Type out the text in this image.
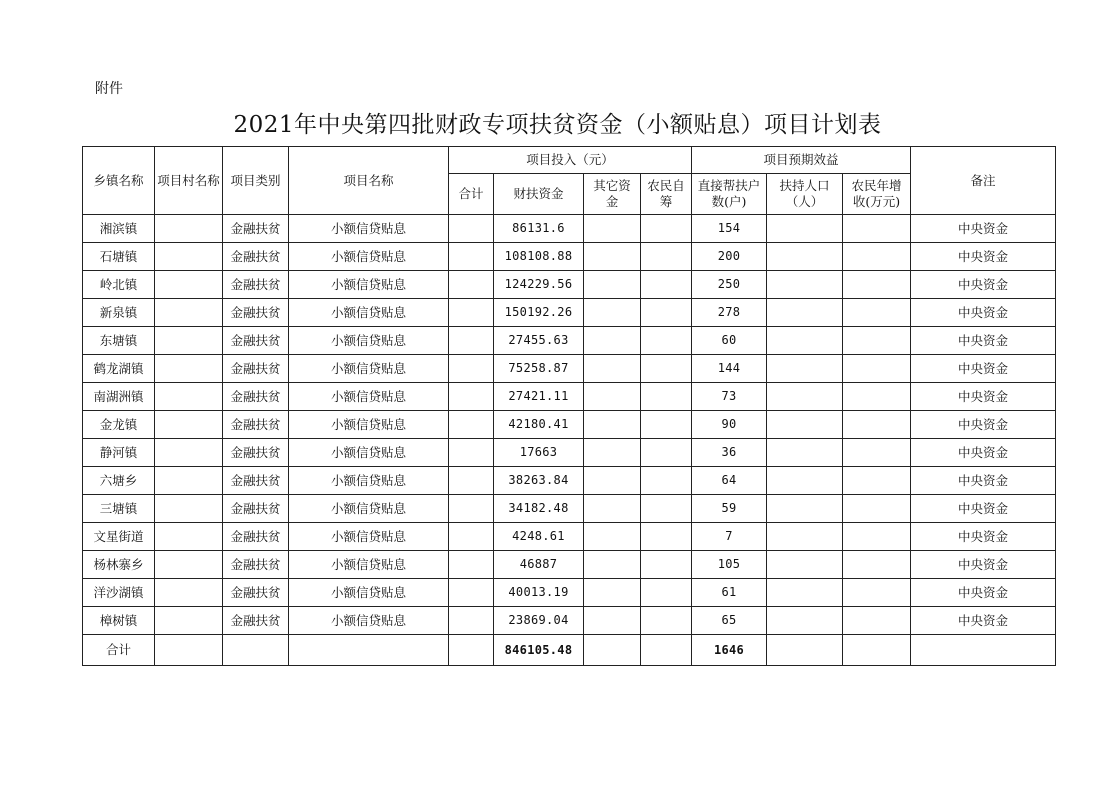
附件
2021年中央第四批财政专项扶贫资金（小额贴息）项目计划表
乡镇名称	项目村名称	项目类别	项目名称	项目投入（元）				项目预期效益			备注
				合计	财扶资金	其它资金	农民自筹	直接帮扶户数(户)	扶持人口（人）	农民年增收(万元)	
湘滨镇		金融扶贫	小额信贷贴息		86131.6			154			中央资金
石塘镇		金融扶贫	小额信贷贴息		108108.88			200			中央资金
岭北镇		金融扶贫	小额信贷贴息		124229.56			250			中央资金
新泉镇		金融扶贫	小额信贷贴息		150192.26			278			中央资金
东塘镇		金融扶贫	小额信贷贴息		27455.63			60			中央资金
鹤龙湖镇		金融扶贫	小额信贷贴息		75258.87			144			中央资金
南湖洲镇		金融扶贫	小额信贷贴息		27421.11			73			中央资金
金龙镇		金融扶贫	小额信贷贴息		42180.41			90			中央资金
静河镇		金融扶贫	小额信贷贴息		17663			36			中央资金
六塘乡		金融扶贫	小额信贷贴息		38263.84			64			中央资金
三塘镇		金融扶贫	小额信贷贴息		34182.48			59			中央资金
文星街道		金融扶贫	小额信贷贴息		4248.61			7			中央资金
杨林寨乡		金融扶贫	小额信贷贴息		46887			105			中央资金
洋沙湖镇		金融扶贫	小额信贷贴息		40013.19			61			中央资金
樟树镇		金融扶贫	小额信贷贴息		23869.04			65			中央资金
合计					846105.48			1646			
